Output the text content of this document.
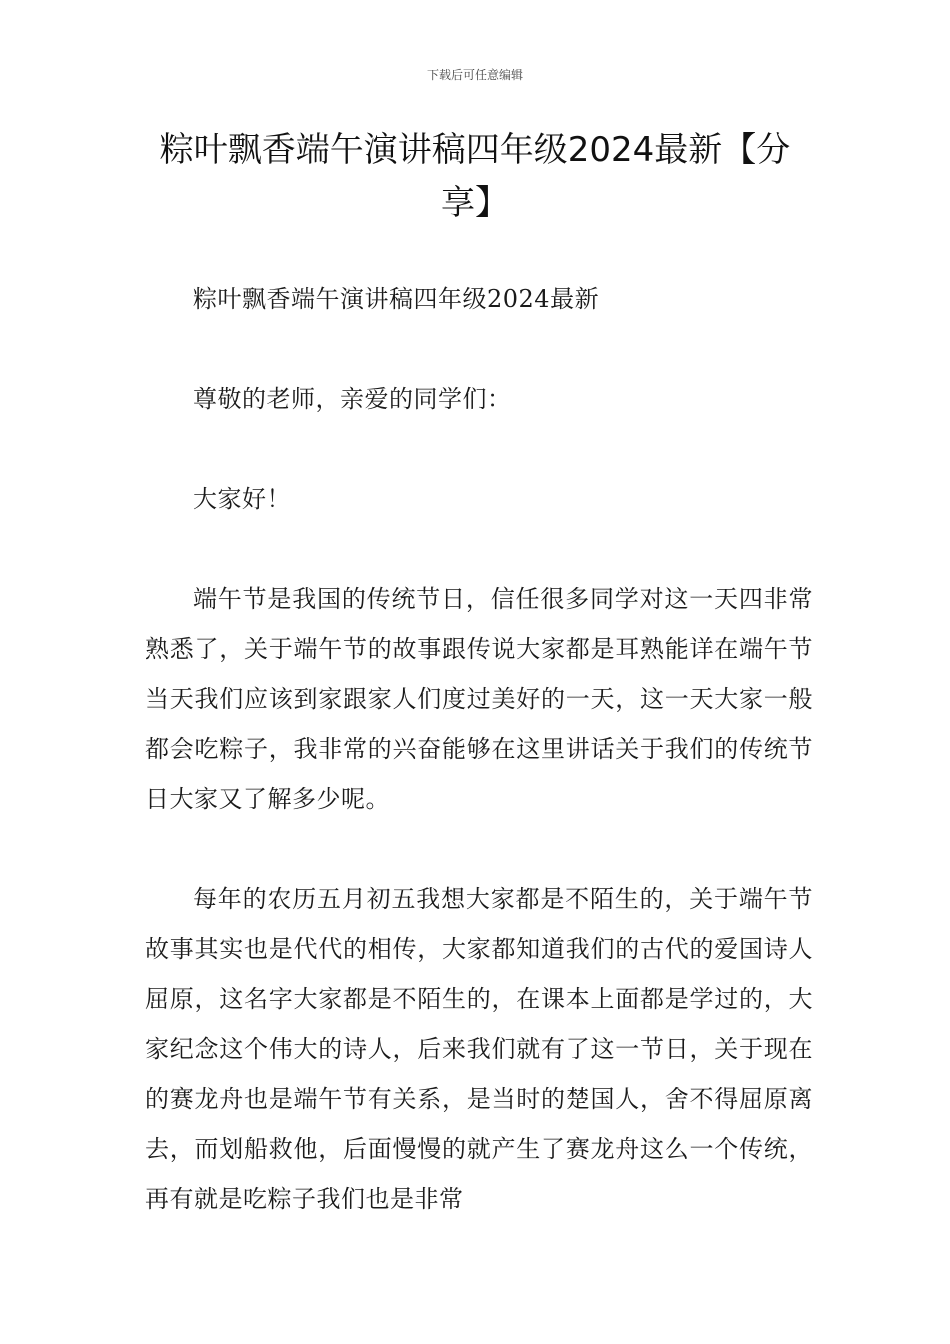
下载后可任意编辑
粽叶飘香端午演讲稿四年级2024最新【分享】

粽叶飘香端午演讲稿四年级2024最新

尊敬的老师，亲爱的同学们：

大家好！

端午节是我国的传统节日，信任很多同学对这一天四非常熟悉了，关于端午节的故事跟传说大家都是耳熟能详在端午节当天我们应该到家跟家人们度过美好的一天，这一天大家一般都会吃粽子，我非常的兴奋能够在这里讲话关于我们的传统节日大家又了解多少呢。

每年的农历五月初五我想大家都是不陌生的，关于端午节故事其实也是代代的相传，大家都知道我们的古代的爱国诗人屈原，这名字大家都是不陌生的，在课本上面都是学过的，大家纪念这个伟大的诗人，后来我们就有了这一节日，关于现在的赛龙舟也是端午节有关系，是当时的楚国人，舍不得屈原离去，而划船救他，后面慢慢的就产生了赛龙舟这么一个传统，再有就是吃粽子我们也是非常
